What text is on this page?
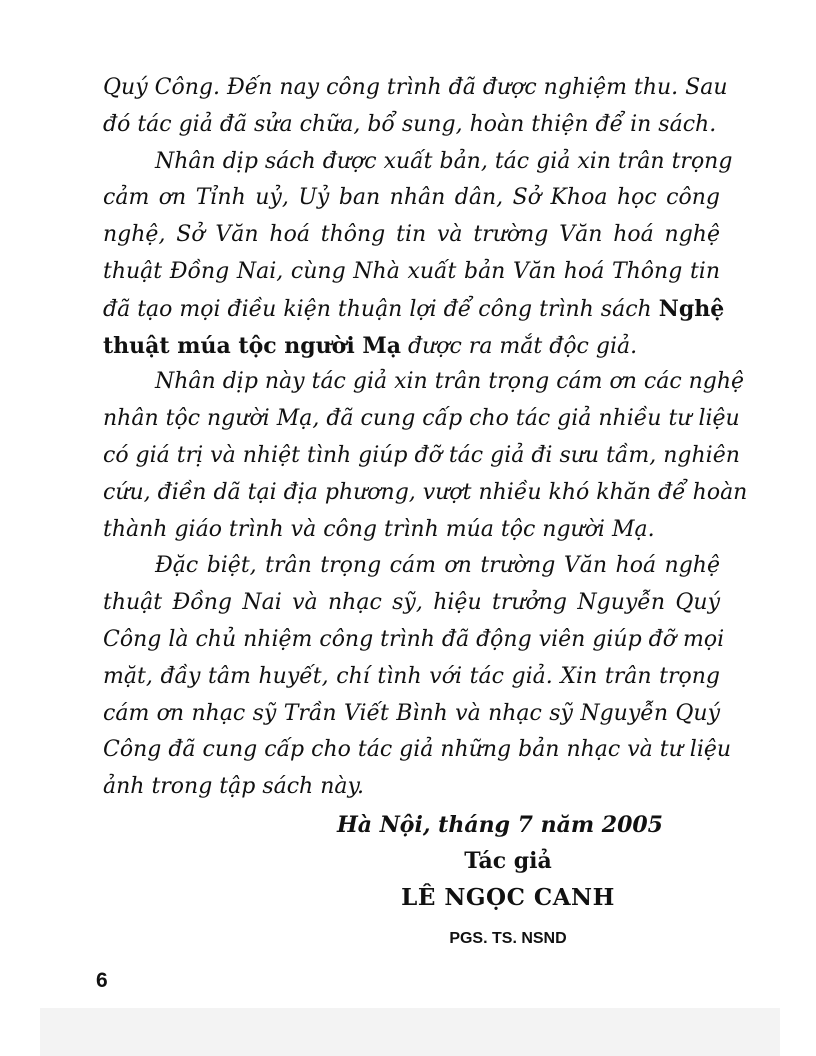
Quý Công. Đến nay công trình đã được nghiệm thu. Sau
đó tác giả đã sửa chữa, bổ sung, hoàn thiện để in sách.
Nhân dịp sách được xuất bản, tác giả xin trân trọng
cảm ơn Tỉnh uỷ, Uỷ ban nhân dân, Sở Khoa học công
nghệ, Sở Văn hoá thông tin và trường Văn hoá nghệ
thuật Đồng Nai, cùng Nhà xuất bản Văn hoá Thông tin
đã tạo mọi điều kiện thuận lợi để công trình sách Nghệ
thuật múa tộc người Mạ được ra mắt độc giả.
Nhân dịp này tác giả xin trân trọng cám ơn các nghệ
nhân tộc người Mạ, đã cung cấp cho tác giả nhiều tư liệu
có giá trị và nhiệt tình giúp đỡ tác giả đi sưu tầm, nghiên
cứu, điền dã tại địa phương, vượt nhiều khó khăn để hoàn
thành giáo trình và công trình múa tộc người Mạ.
Đặc biệt, trân trọng cám ơn trường Văn hoá nghệ
thuật Đồng Nai và nhạc sỹ, hiệu trưởng Nguyễn Quý
Công là chủ nhiệm công trình đã động viên giúp đỡ mọi
mặt, đầy tâm huyết, chí tình với tác giả. Xin trân trọng
cám ơn nhạc sỹ Trần Viết Bình và nhạc sỹ Nguyễn Quý
Công đã cung cấp cho tác giả những bản nhạc và tư liệu
ảnh trong tập sách này.
Hà Nội, tháng 7 năm 2005
Tác giả
LÊ NGỌC CANH
PGS. TS. NSND
6
